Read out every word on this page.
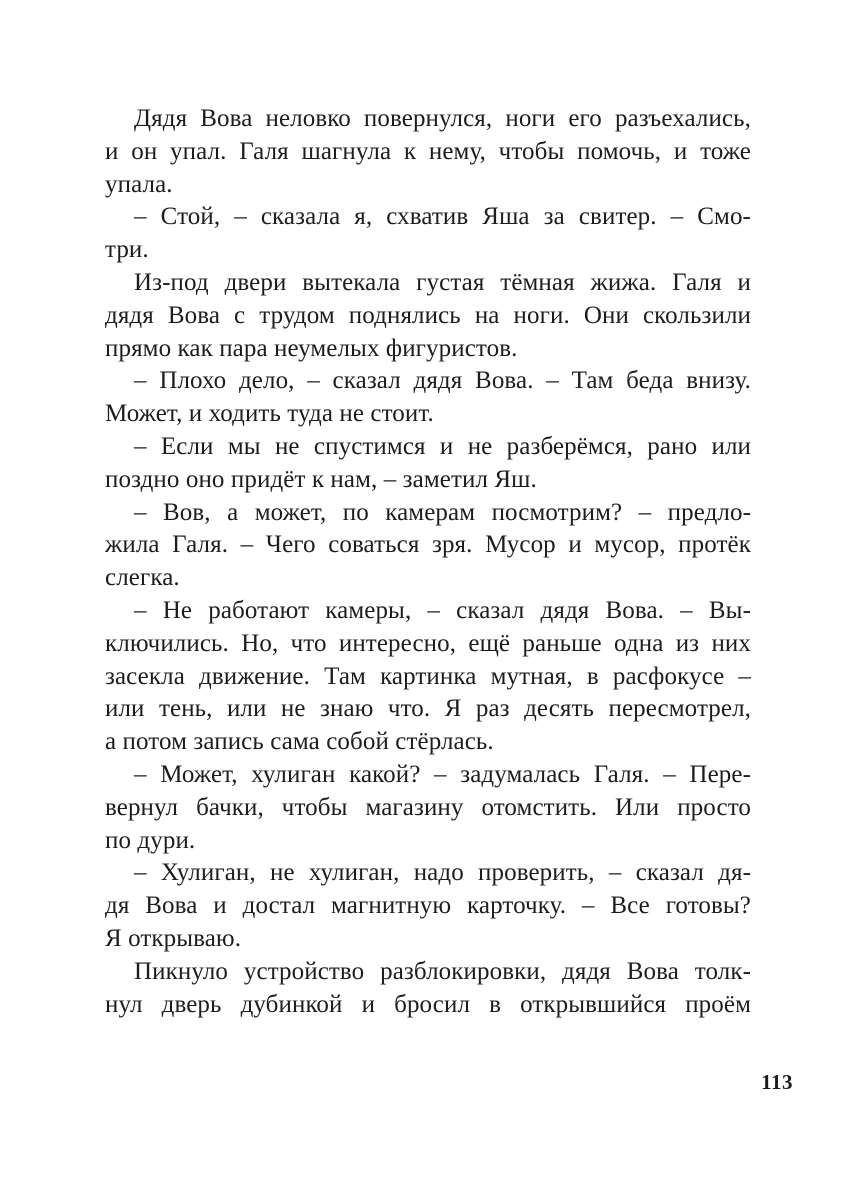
Дядя Вова неловко повернулся, ноги его разъехались,
и он упал. Галя шагнула к нему, чтобы помочь, и тоже
упала.
– Стой, – сказала я, схватив Яша за свитер. – Смо-
три.
Из-под двери вытекала густая тёмная жижа. Галя и
дядя Вова с трудом поднялись на ноги. Они скользили
прямо как пара неумелых фигуристов.
– Плохо дело, – сказал дядя Вова. – Там беда внизу.
Может, и ходить туда не стоит.
– Если мы не спустимся и не разберёмся, рано или
поздно оно придёт к нам, – заметил Яш.
– Вов, а может, по камерам посмотрим? – предло-
жила Галя. – Чего соваться зря. Мусор и мусор, протёк
слегка.
– Не работают камеры, – сказал дядя Вова. – Вы-
ключились. Но, что интересно, ещё раньше одна из них
засекла движение. Там картинка мутная, в расфокусе –
или тень, или не знаю что. Я раз десять пересмотрел,
а потом запись сама собой стёрлась.
– Может, хулиган какой? – задумалась Галя. – Пере-
вернул бачки, чтобы магазину отомстить. Или просто
по дури.
– Хулиган, не хулиган, надо проверить, – сказал дя-
дя Вова и достал магнитную карточку. – Все готовы?
Я открываю.
Пикнуло устройство разблокировки, дядя Вова толк-
нул дверь дубинкой и бросил в открывшийся проём
113
